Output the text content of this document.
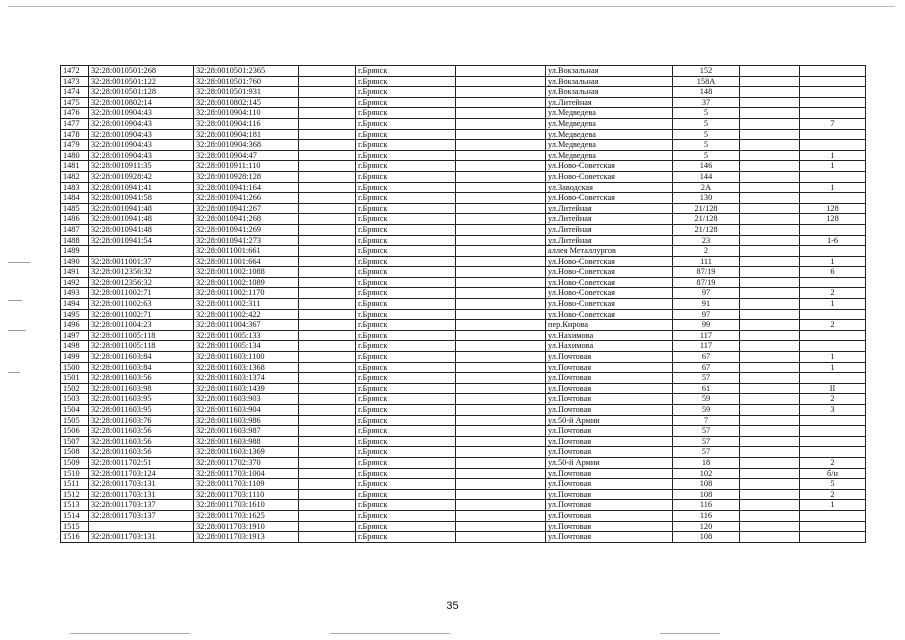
1472	32:28:0010501:268	32:28:0010501:2365		г.Брянск		ул.Вокзальная	152		
1473	32:28:0010501:122	32:28:0010501:760		г.Брянск		ул.Вокзальная	158А		
1474	32:28:0010501:128	32:28:0010501:931		г.Брянск		ул.Вокзальная	148		
1475	32:28:0010802:14	32:28:0010802:145		г.Брянск		ул.Литейная	37		
1476	32:28:0010904:43	32:28:0010904:110		г.Брянск		ул.Медведева	5		
1477	32:28:0010904:43	32:28:0010904:116		г.Брянск		ул.Медведева	5		7
1478	32:28:0010904:43	32:28:0010904:181		г.Брянск		ул.Медведева	5		
1479	32:28:0010904:43	32:28:0010904:368		г.Брянск		ул.Медведева	5		
1480	32:28:0010904:43	32:28:0010904:47		г.Брянск		ул.Медведева	5		1
1481	32:28:0010911:35	32:28:0010911:110		г.Брянск		ул.Ново-Советская	146		1
1482	32:28:0010928:42	32:28:0010928:128		г.Брянск		ул.Ново-Советская	144		
1483	32:28:0010941:41	32:28:0010941:164		г.Брянск		ул.Заводская	2А		1
1484	32:28:0010941:58	32:28:0010941:266		г.Брянск		ул.Ново-Советская	130		
1485	32:28:0010941:48	32:28:0010941:267		г.Брянск		ул.Литейная	21/128		128
1486	32:28:0010941:48	32:28:0010941:268		г.Брянск		ул.Литейная	21/128		128
1487	32:28:0010941:48	32:28:0010941:269		г.Брянск		ул.Литейная	21/128		
1488	32:28:0010941:54	32:28:0010941:273		г.Брянск		ул.Литейная	23		1-6
1489		32:28:0011001:661		г.Брянск		аллея Металлургов	2		
1490	32:28:0011001:37	32:28:0011001:664		г.Брянск		ул.Ново-Советская	111		1
1491	32:28:0012356:32	32:28:0011002:1088		г.Брянск		ул.Ново-Советская	87/19		6
1492	32:28:0012356:32	32:28:0011002:1089		г.Брянск		ул.Ново-Советская	87/19		
1493	32:28:0011002:71	32:28:0011002:1170		г.Брянск		ул.Ново-Советская	97		2
1494	32:28:0011002:63	32:28:0011002:311		г.Брянск		ул.Ново-Советская	91		1
1495	32:28:0011002:71	32:28:0011002:422		г.Брянск		ул.Ново-Советская	97		
1496	32:28:0011004:23	32:28:0011004:367		г.Брянск		пер.Кирова	99		2
1497	32:28:0011005:118	32:28:0011005:133		г.Брянск		ул.Нахимова	117		
1498	32:28:0011005:118	32:28:0011005:134		г.Брянск		ул.Нахимова	117		
1499	32:28:0011603:84	32:28:0011603:1100		г.Брянск		ул.Почтовая	67		1
1500	32:28:0011603:84	32:28:0011603:1368		г.Брянск		ул.Почтовая	67		1
1501	32:28:0011603:56	32:28:0011603:1374		г.Брянск		ул.Почтовая	57		
1502	32:28:0011603:98	32:28:0011603:1439		г.Брянск		ул.Почтовая	61		II
1503	32:28:0011603:95	32:28:0011603:903		г.Брянск		ул.Почтовая	59		2
1504	32:28:0011603:95	32:28:0011603:904		г.Брянск		ул.Почтовая	59		3
1505	32:28:0011603:76	32:28:0011603:986		г.Брянск		ул.50-й Армии	7		
1506	32:28:0011603:56	32:28:0011603:987		г.Брянск		ул.Почтовая	57		
1507	32:28:0011603:56	32:28:0011603:988		г.Брянск		ул.Почтовая	57		
1508	32:28:0011603:56	32:28:0011603:1369		г.Брянск		ул.Почтовая	57		
1509	32:28:0011702:51	32:28:0011702:370		г.Брянск		ул.50-й Армии	18		2
1510	32:28:0011703:124	32:28:0011703:1004		г.Брянск		ул.Почтовая	102		б/н
1511	32:28:0011703:131	32:28:0011703:1109		г.Брянск		ул.Почтовая	108		5
1512	32:28:0011703:131	32:28:0011703:1110		г.Брянск		ул.Почтовая	108		2
1513	32:28:0011703:137	32:28:0011703:1610		г.Брянск		ул.Почтовая	116		1
1514	32:28:0011703:137	32:28:0011703:1625		г.Брянск		ул.Почтовая	116		
1515		32:28:0011703:1910		г.Брянск		ул.Почтовая	120		
1516	32:28:0011703:131	32:28:0011703:1913		г.Брянск		ул.Почтовая	108		
35
